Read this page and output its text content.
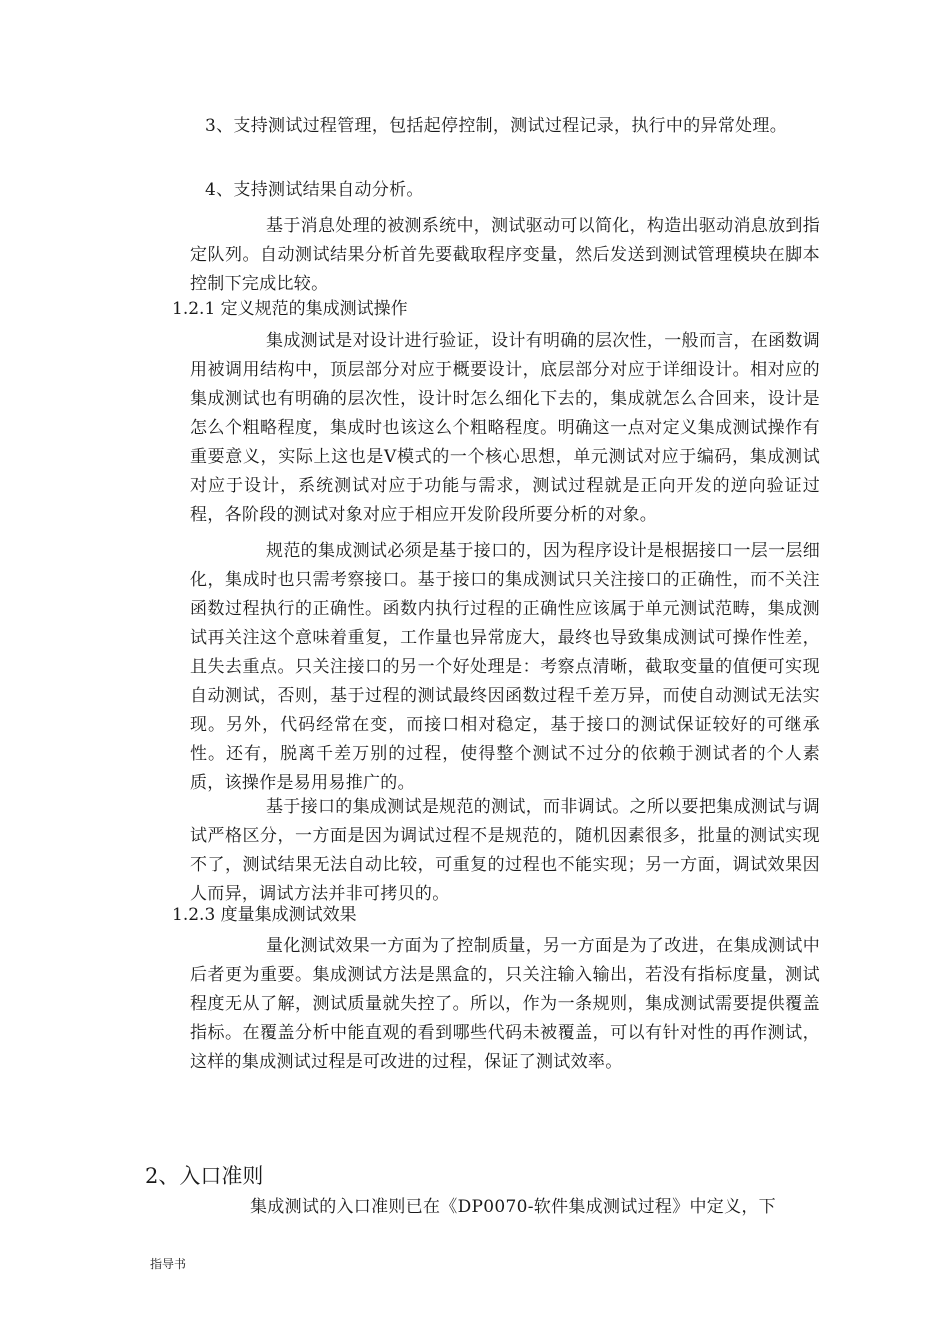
3、支持测试过程管理，包括起停控制，测试过程记录，执行中的异常处理。

4、支持测试结果自动分析。

基于消息处理的被测系统中，测试驱动可以简化，构造出驱动消息放到指定队列。自动测试结果分析首先要截取程序变量，然后发送到测试管理模块在脚本控制下完成比较。

1.2.1 定义规范的集成测试操作

集成测试是对设计进行验证，设计有明确的层次性，一般而言，在函数调用被调用结构中，顶层部分对应于概要设计，底层部分对应于详细设计。相对应的集成测试也有明确的层次性，设计时怎么细化下去的，集成就怎么合回来，设计是怎么个粗略程度，集成时也该这么个粗略程度。明确这一点对定义集成测试操作有重要意义，实际上这也是V模式的一个核心思想，单元测试对应于编码，集成测试对应于设计，系统测试对应于功能与需求，测试过程就是正向开发的逆向验证过程，各阶段的测试对象对应于相应开发阶段所要分析的对象。

规范的集成测试必须是基于接口的，因为程序设计是根据接口一层一层细化，集成时也只需考察接口。基于接口的集成测试只关注接口的正确性，而不关注函数过程执行的正确性。函数内执行过程的正确性应该属于单元测试范畴，集成测试再关注这个意味着重复，工作量也异常庞大，最终也导致集成测试可操作性差，且失去重点。只关注接口的另一个好处理是：考察点清晰，截取变量的值便可实现自动测试，否则，基于过程的测试最终因函数过程千差万异，而使自动测试无法实现。另外，代码经常在变，而接口相对稳定，基于接口的测试保证较好的可继承性。还有，脱离千差万别的过程，使得整个测试不过分的依赖于测试者的个人素质，该操作是易用易推广的。

基于接口的集成测试是规范的测试，而非调试。之所以要把集成测试与调试严格区分，一方面是因为调试过程不是规范的，随机因素很多，批量的测试实现不了，测试结果无法自动比较，可重复的过程也不能实现；另一方面，调试效果因人而异，调试方法并非可拷贝的。

1.2.3 度量集成测试效果

量化测试效果一方面为了控制质量，另一方面是为了改进，在集成测试中后者更为重要。集成测试方法是黑盒的，只关注输入输出，若没有指标度量，测试程度无从了解，测试质量就失控了。所以，作为一条规则，集成测试需要提供覆盖指标。在覆盖分析中能直观的看到哪些代码未被覆盖，可以有针对性的再作测试，这样的集成测试过程是可改进的过程，保证了测试效率。

2、入口准则

集成测试的入口准则已在《DP0070-软件集成测试过程》中定义，下

指导书
